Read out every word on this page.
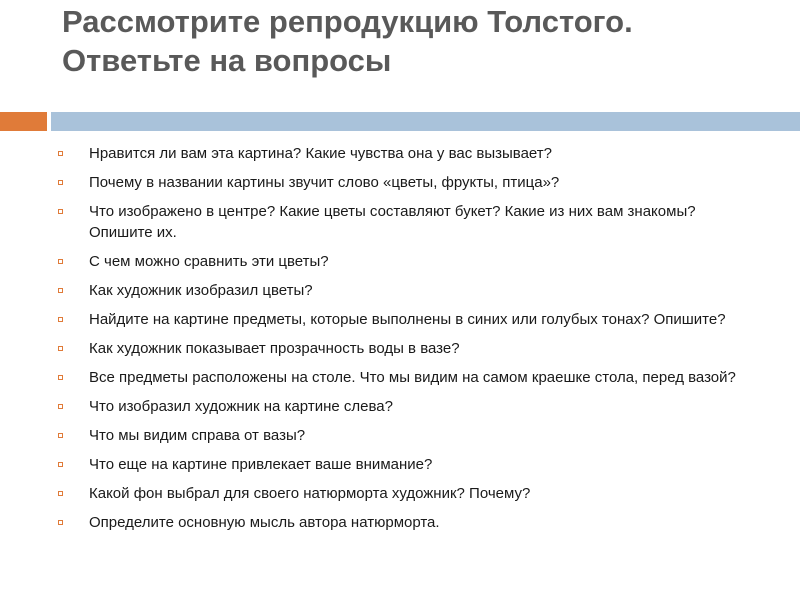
Рассмотрите репродукцию Толстого.
Ответьте на вопросы
Нравится ли вам эта картина? Какие чувства она у вас вызывает?
Почему в названии картины звучит слово «цветы, фрукты, птица»?
Что изображено в центре? Какие цветы составляют букет? Какие из них вам знакомы? Опишите их.
С чем можно сравнить эти цветы?
Как художник изобразил цветы?
Найдите на картине предметы, которые выполнены в синих или голубых тонах? Опишите?
Как художник показывает прозрачность воды в вазе?
Все предметы расположены на столе. Что мы видим на самом краешке стола, перед вазой?
Что изобразил художник на картине слева?
Что мы видим справа от вазы?
Что еще на картине привлекает ваше внимание?
Какой фон выбрал для своего натюрморта художник? Почему?
Определите основную мысль автора натюрморта.
